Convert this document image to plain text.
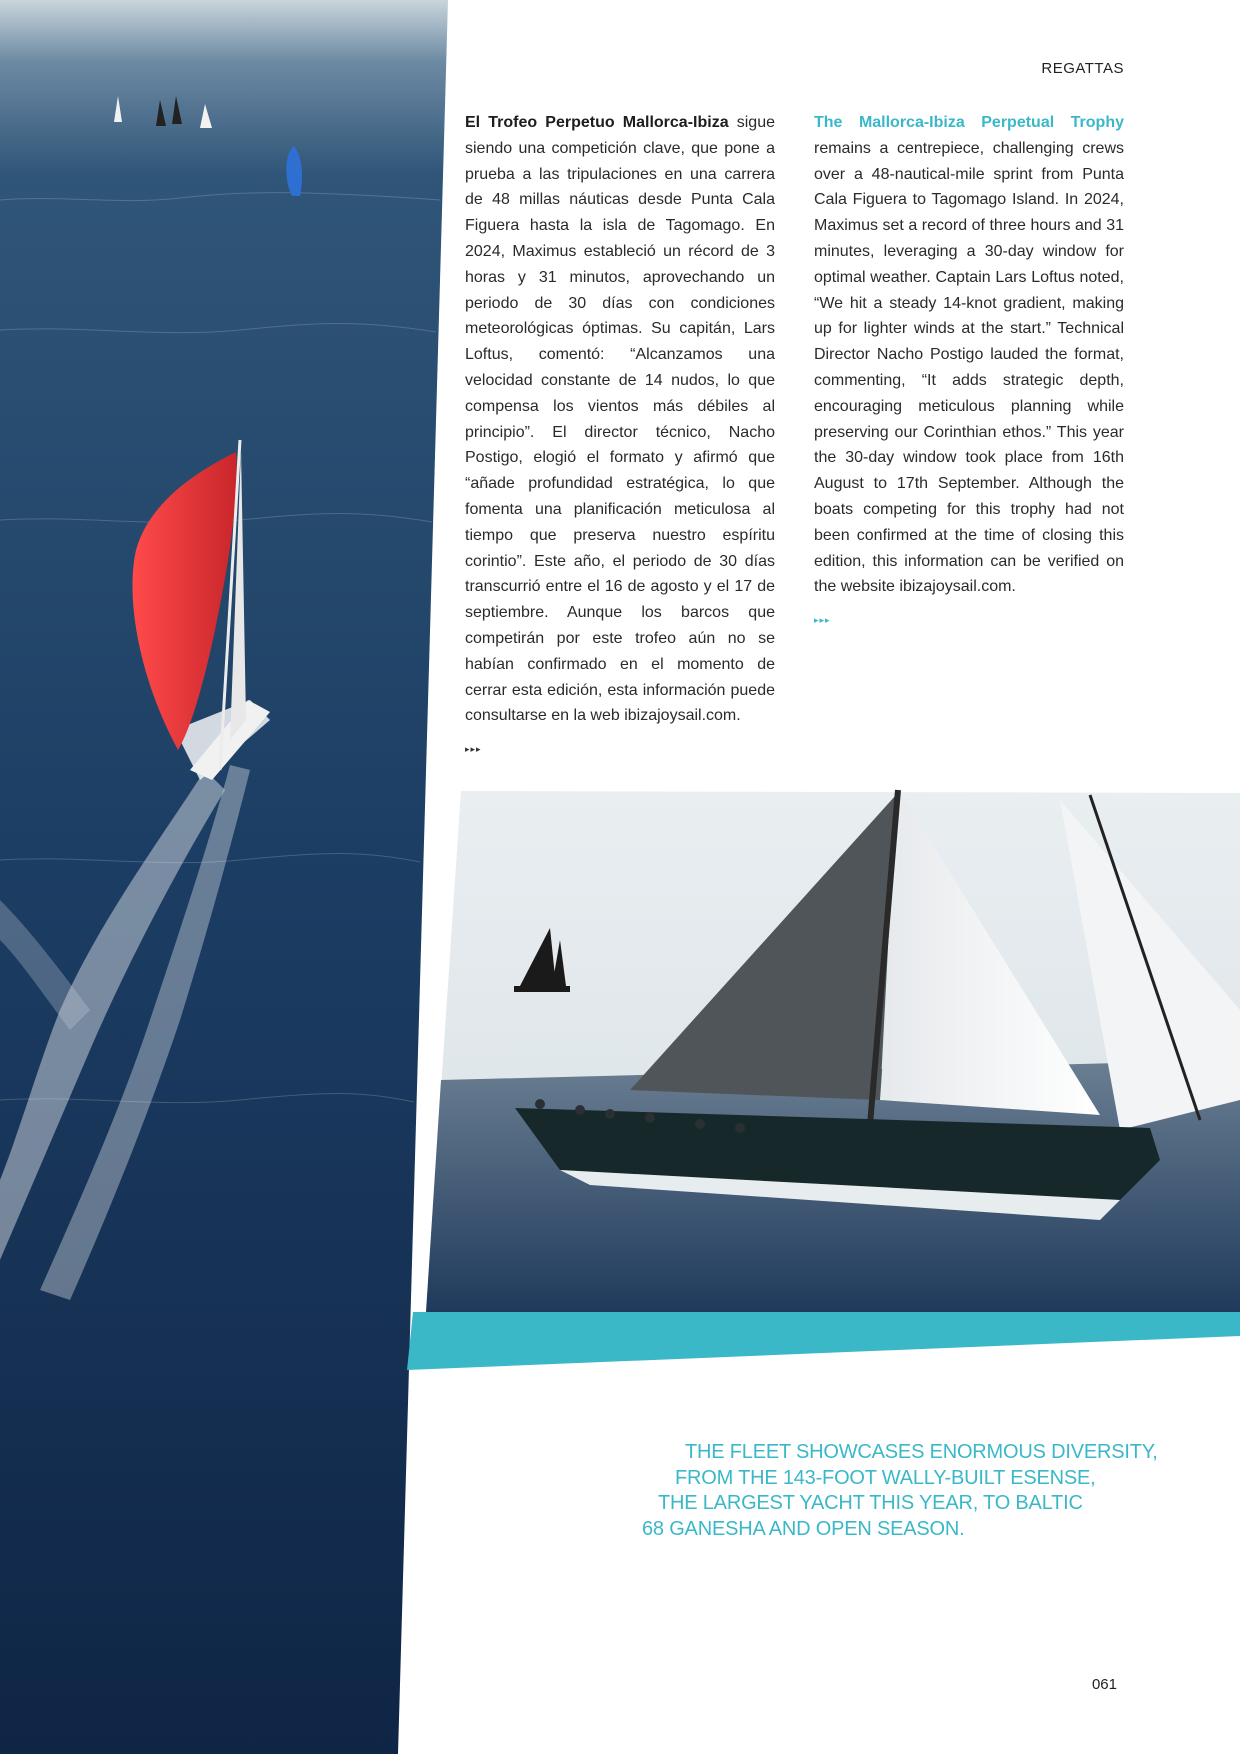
REGATTAS
El Trofeo Perpetuo Mallorca-Ibiza sigue siendo una competición clave, que pone a prueba a las tripulaciones en una carrera de 48 millas náuticas desde Punta Cala Figuera hasta la isla de Tagomago. En 2024, Maximus estableció un récord de 3 horas y 31 minutos, aprovechando un periodo de 30 días con condiciones meteorológicas óptimas. Su capitán, Lars Loftus, comentó: “Alcanzamos una velocidad constante de 14 nudos, lo que compensa los vientos más débiles al principio”. El director técnico, Nacho Postigo, elogió el formato y afirmó que “añade profundidad estratégica, lo que fomenta una planificación meticulosa al tiempo que preserva nuestro espíritu corintio”. Este año, el periodo de 30 días transcurrió entre el 16 de agosto y el 17 de septiembre. Aunque los barcos que competirán por este trofeo aún no se habían confirmado en el momento de cerrar esta edición, esta información puede consultarse en la web ibizajoysail.com.
▸▸▸
The Mallorca-Ibiza Perpetual Trophy remains a centrepiece, challenging crews over a 48-nautical-mile sprint from Punta Cala Figuera to Tagomago Island. In 2024, Maximus set a record of three hours and 31 minutes, leveraging a 30-day window for optimal weather. Captain Lars Loftus noted, “We hit a steady 14-knot gradient, making up for lighter winds at the start.” Technical Director Nacho Postigo lauded the format, commenting, “It adds strategic depth, encouraging meticulous planning while preserving our Corinthian ethos.” This year the 30-day window took place from 16th August to 17th September. Although the boats competing for this trophy had not been confirmed at the time of closing this edition, this information can be verified on the website ibizajoysail.com.
▸▸▸
THE FLEET SHOWCASES ENORMOUS DIVERSITY,
FROM THE 143-FOOT WALLY-BUILT ESENSE,
THE LARGEST YACHT THIS YEAR, TO BALTIC
68 GANESHA AND OPEN SEASON.
061
